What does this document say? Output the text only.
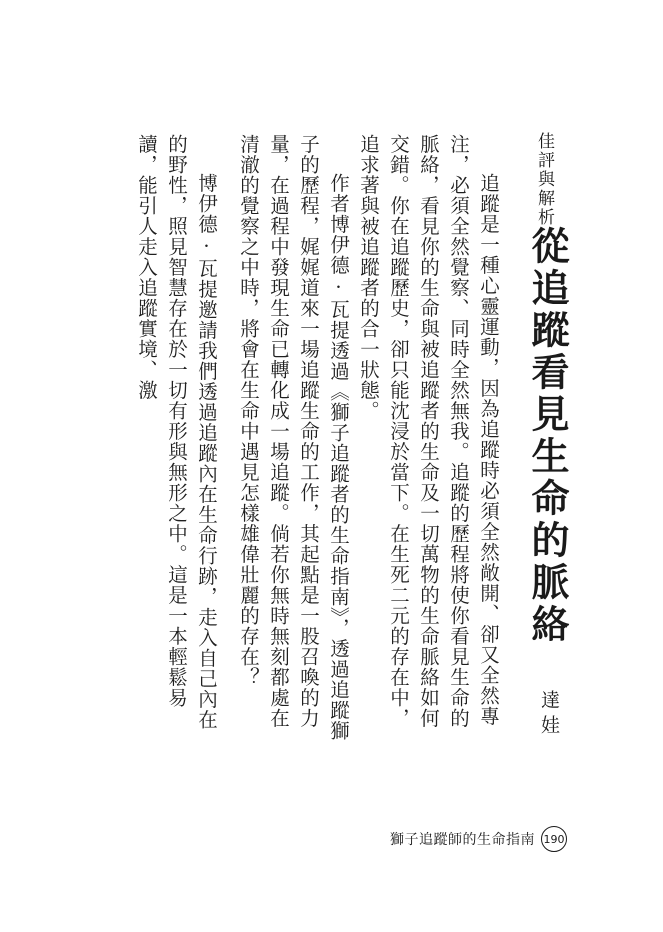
佳評與解析
從追蹤看見生命的脈絡
達娃

追蹤是一種心靈運動，因為追蹤時必須全然敞開、卻又全然專注，必須全然覺察、同時全然無我。追蹤的歷程將使你看見生命的脈絡，看見你的生命與被追蹤者的生命及一切萬物的生命脈絡如何交錯。你在追蹤歷史，卻只能沈浸於當下。在生死二元的存在中，追求著與被追蹤者的合一狀態。

作者博伊德·瓦提透過《獅子追蹤者的生命指南》，透過追蹤獅子的歷程，娓娓道來一場追蹤生命的工作，其起點是一股召喚的力量，在過程中發現生命已轉化成一場追蹤。倘若你無時無刻都處在清澈的覺察之中時，將會在生命中遇見怎樣雄偉壯麗的存在？

博伊德·瓦提邀請我們透過追蹤內在生命行跡，走入自己內在的野性，照見智慧存在於一切有形與無形之中。這是一本輕鬆易讀，能引人走入追蹤實境、激

獅子追蹤師的生命指南 190
